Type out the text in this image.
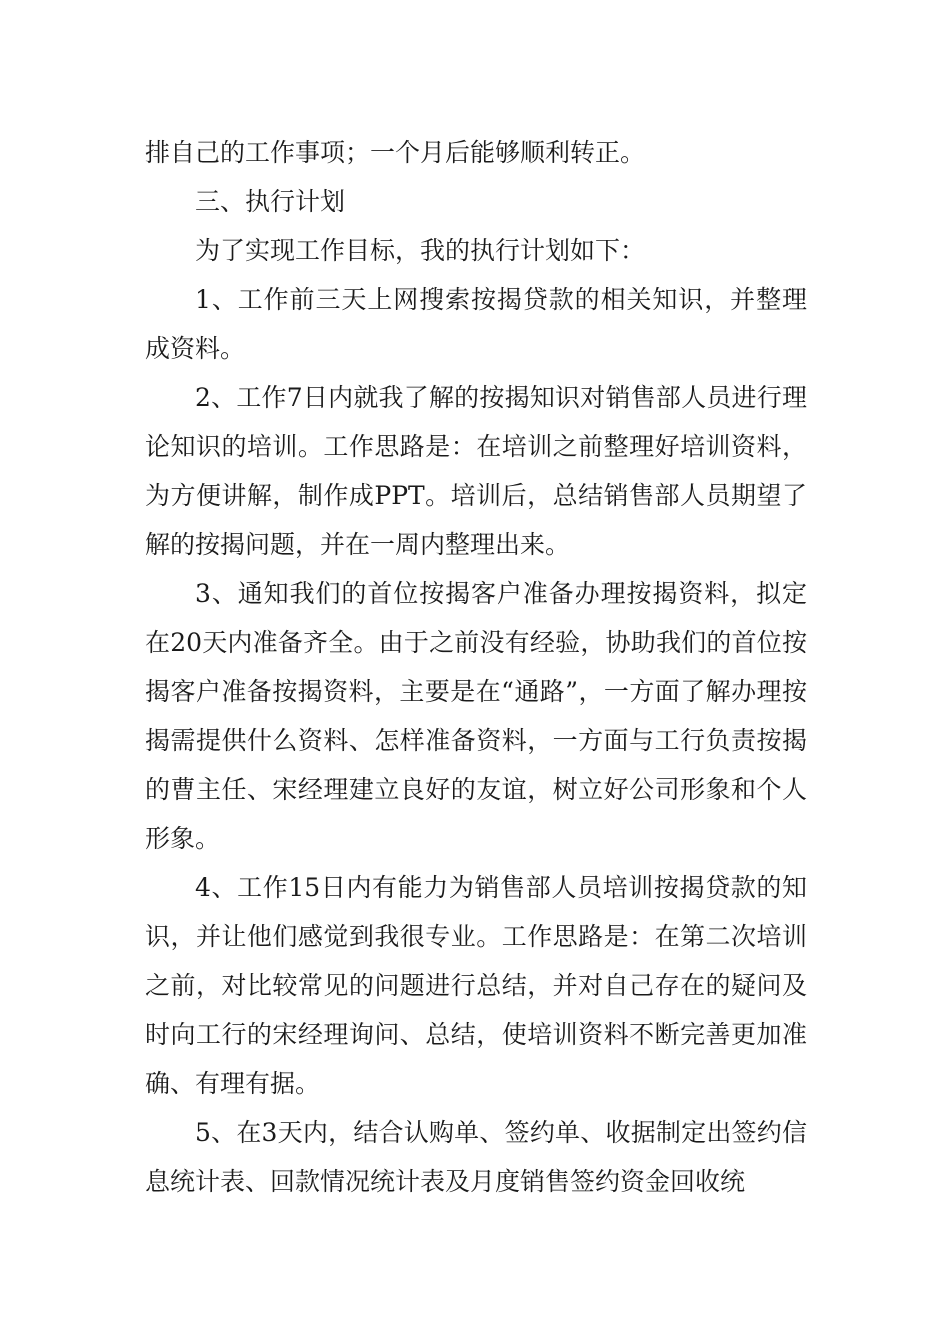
排自己的工作事项；一个月后能够顺利转正。

三、执行计划

为了实现工作目标，我的执行计划如下：

1、工作前三天上网搜索按揭贷款的相关知识，并整理成资料。

2、工作7日内就我了解的按揭知识对销售部人员进行理论知识的培训。工作思路是：在培训之前整理好培训资料，为方便讲解，制作成PPT。培训后，总结销售部人员期望了解的按揭问题，并在一周内整理出来。

3、通知我们的首位按揭客户准备办理按揭资料，拟定在20天内准备齐全。由于之前没有经验，协助我们的首位按揭客户准备按揭资料，主要是在“通路”，一方面了解办理按揭需提供什么资料、怎样准备资料，一方面与工行负责按揭的曹主任、宋经理建立良好的友谊，树立好公司形象和个人形象。

4、工作15日内有能力为销售部人员培训按揭贷款的知识，并让他们感觉到我很专业。工作思路是：在第二次培训之前，对比较常见的问题进行总结，并对自己存在的疑问及时向工行的宋经理询问、总结，使培训资料不断完善更加准确、有理有据。

5、在3天内，结合认购单、签约单、收据制定出签约信息统计表、回款情况统计表及月度销售签约资金回收统
